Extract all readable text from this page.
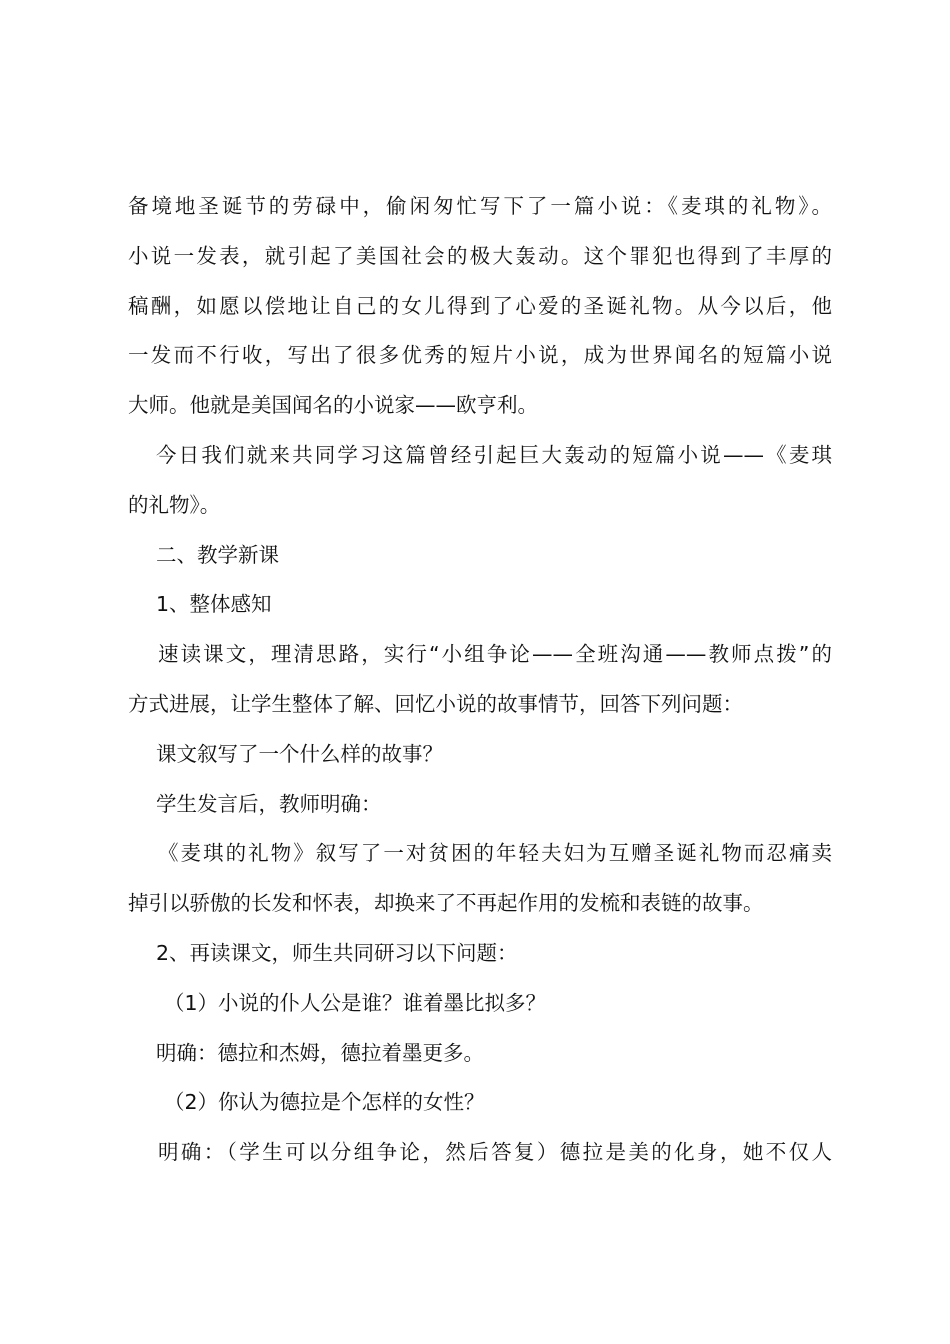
备境地圣诞节的劳碌中，偷闲匆忙写下了一篇小说：《麦琪的礼物》。
小说一发表，就引起了美国社会的极大轰动。这个罪犯也得到了丰厚的
稿酬，如愿以偿地让自己的女儿得到了心爱的圣诞礼物。从今以后，他
一发而不行收，写出了很多优秀的短片小说，成为世界闻名的短篇小说
大师。他就是美国闻名的小说家——欧亨利。
今日我们就来共同学习这篇曾经引起巨大轰动的短篇小说——《麦琪
的礼物》。
二、教学新课
1、整体感知
速读课文，理清思路，实行“小组争论——全班沟通——教师点拨”的
方式进展，让学生整体了解、回忆小说的故事情节，回答下列问题：
课文叙写了一个什么样的故事？
学生发言后，教师明确：
《麦琪的礼物》叙写了一对贫困的年轻夫妇为互赠圣诞礼物而忍痛卖
掉引以骄傲的长发和怀表，却换来了不再起作用的发梳和表链的故事。
2、再读课文，师生共同研习以下问题：
（1）小说的仆人公是谁？谁着墨比拟多？
明确：德拉和杰姆，德拉着墨更多。
（2）你认为德拉是个怎样的女性？
明确：（学生可以分组争论，然后答复）德拉是美的化身，她不仅人
